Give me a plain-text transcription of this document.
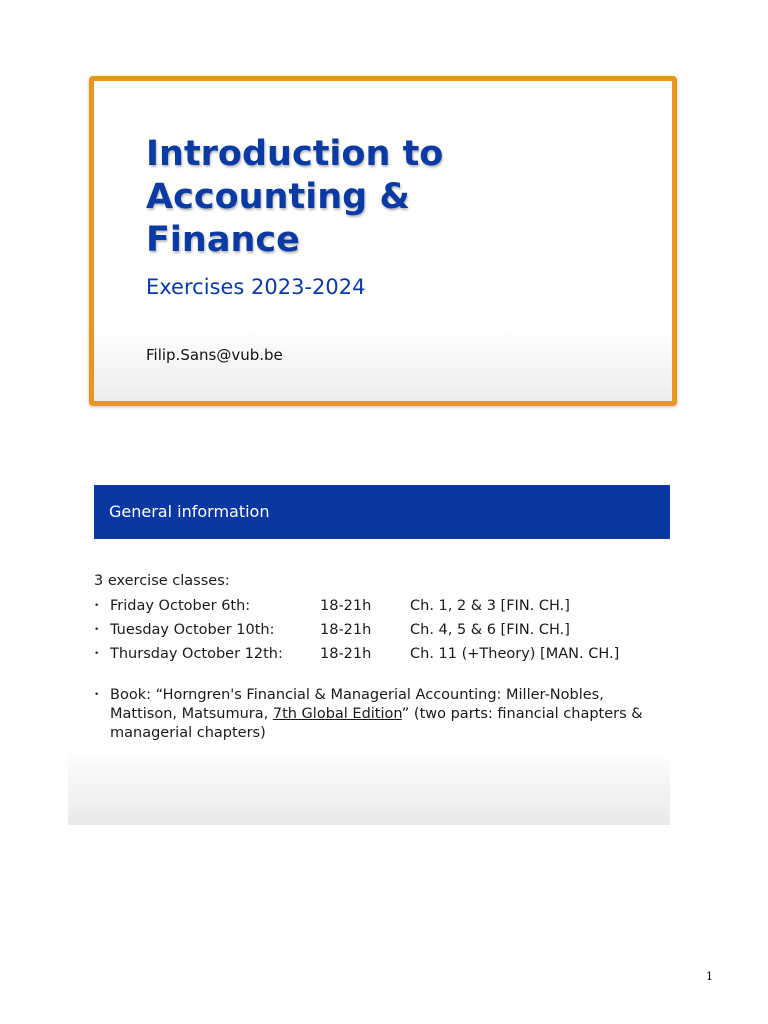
Introduction to
Accounting &
Finance
Exercises 2023-2024
Filip.Sans@vub.be
General information
3 exercise classes:
• Friday October 6th:	18-21h	Ch. 1, 2 & 3 [FIN. CH.]
• Tuesday October 10th:	18-21h	Ch. 4, 5 & 6 [FIN. CH.]
• Thursday October 12th:	18-21h	Ch. 11 (+Theory) [MAN. CH.]
• Book: “Horngren's Financial & Managerial Accounting: Miller-Nobles, Mattison, Matsumura, 7th Global Edition” (two parts: financial chapters & managerial chapters)
1
